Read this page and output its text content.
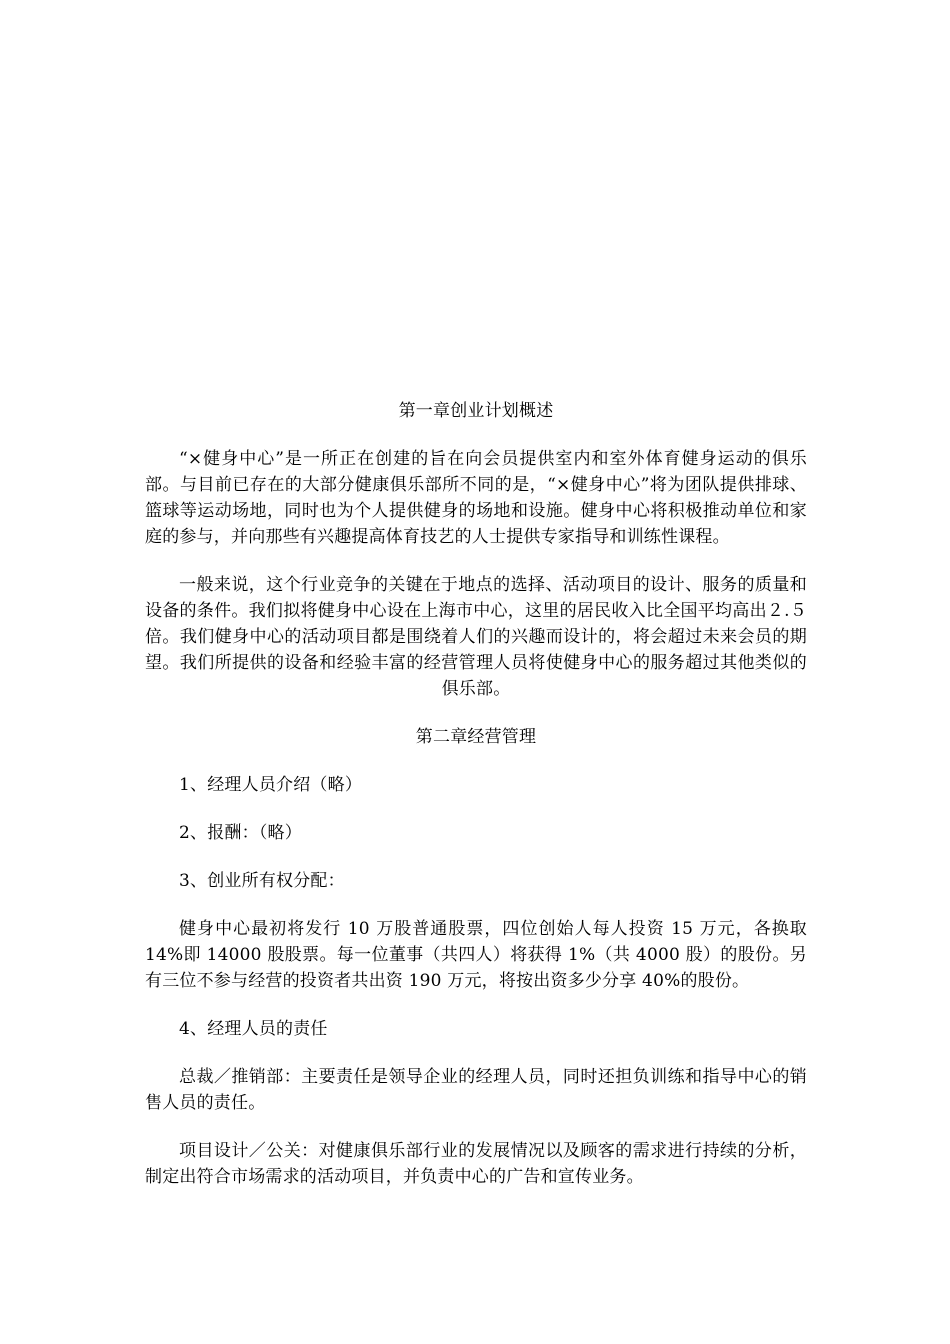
第一章创业计划概述

“×健身中心”是一所正在创建的旨在向会员提供室内和室外体育健身运动的俱乐部。与目前已存在的大部分健康俱乐部所不同的是，“×健身中心”将为团队提供排球、篮球等运动场地，同时也为个人提供健身的场地和设施。健身中心将积极推动单位和家庭的参与，并向那些有兴趣提高体育技艺的人士提供专家指导和训练性课程。

一般来说，这个行业竞争的关键在于地点的选择、活动项目的设计、服务的质量和设备的条件。我们拟将健身中心设在上海市中心，这里的居民收入比全国平均高出２.５倍。我们健身中心的活动项目都是围绕着人们的兴趣而设计的，将会超过未来会员的期望。我们所提供的设备和经验丰富的经营管理人员将使健身中心的服务超过其他类似的俱乐部。

第二章经营管理

1、经理人员介绍（略）

2、报酬：（略）

3、创业所有权分配：

健身中心最初将发行 10 万股普通股票，四位创始人每人投资 15 万元，各换取 14%即 14000 股股票。每一位董事（共四人）将获得 1%（共 4000 股）的股份。另有三位不参与经营的投资者共出资 190 万元，将按出资多少分享 40%的股份。

4、经理人员的责任

总裁／推销部：主要责任是领导企业的经理人员，同时还担负训练和指导中心的销售人员的责任。

项目设计／公关：对健康俱乐部行业的发展情况以及顾客的需求进行持续的分析，制定出符合市场需求的活动项目，并负责中心的广告和宣传业务。
